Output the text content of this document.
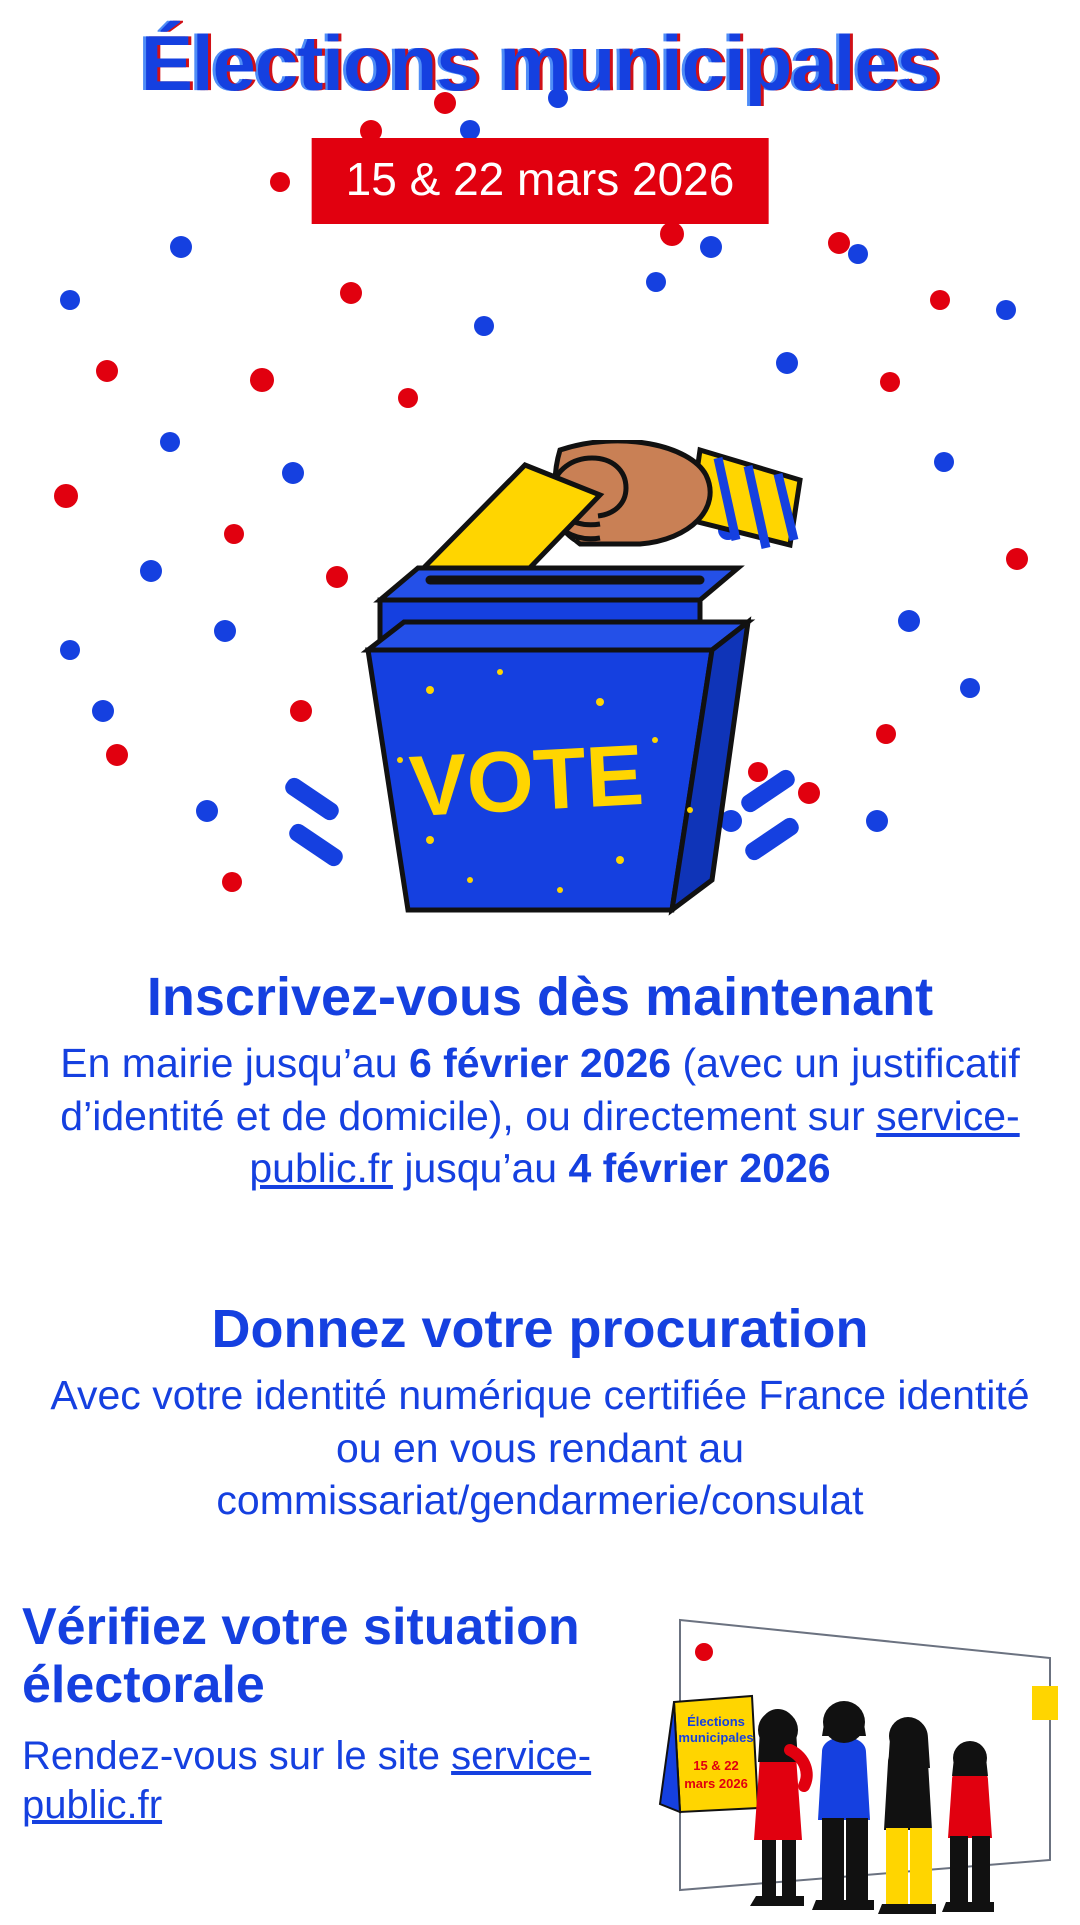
Élections municipales
15 & 22 mars 2026
VOTE
Inscrivez-vous dès maintenant

En mairie jusqu’au 6 février 2026 (avec un justificatif d’identité et de domicile), ou directement sur service-public.fr jusqu’au 4 février 2026

Donnez votre procuration

Avec votre identité numérique certifiée France identité ou en vous rendant au commissariat/gendarmerie/consulat

Vérifiez votre situation électorale

Rendez-vous sur le site service-public.fr

Élections
municipales
15 & 22
mars 2026
